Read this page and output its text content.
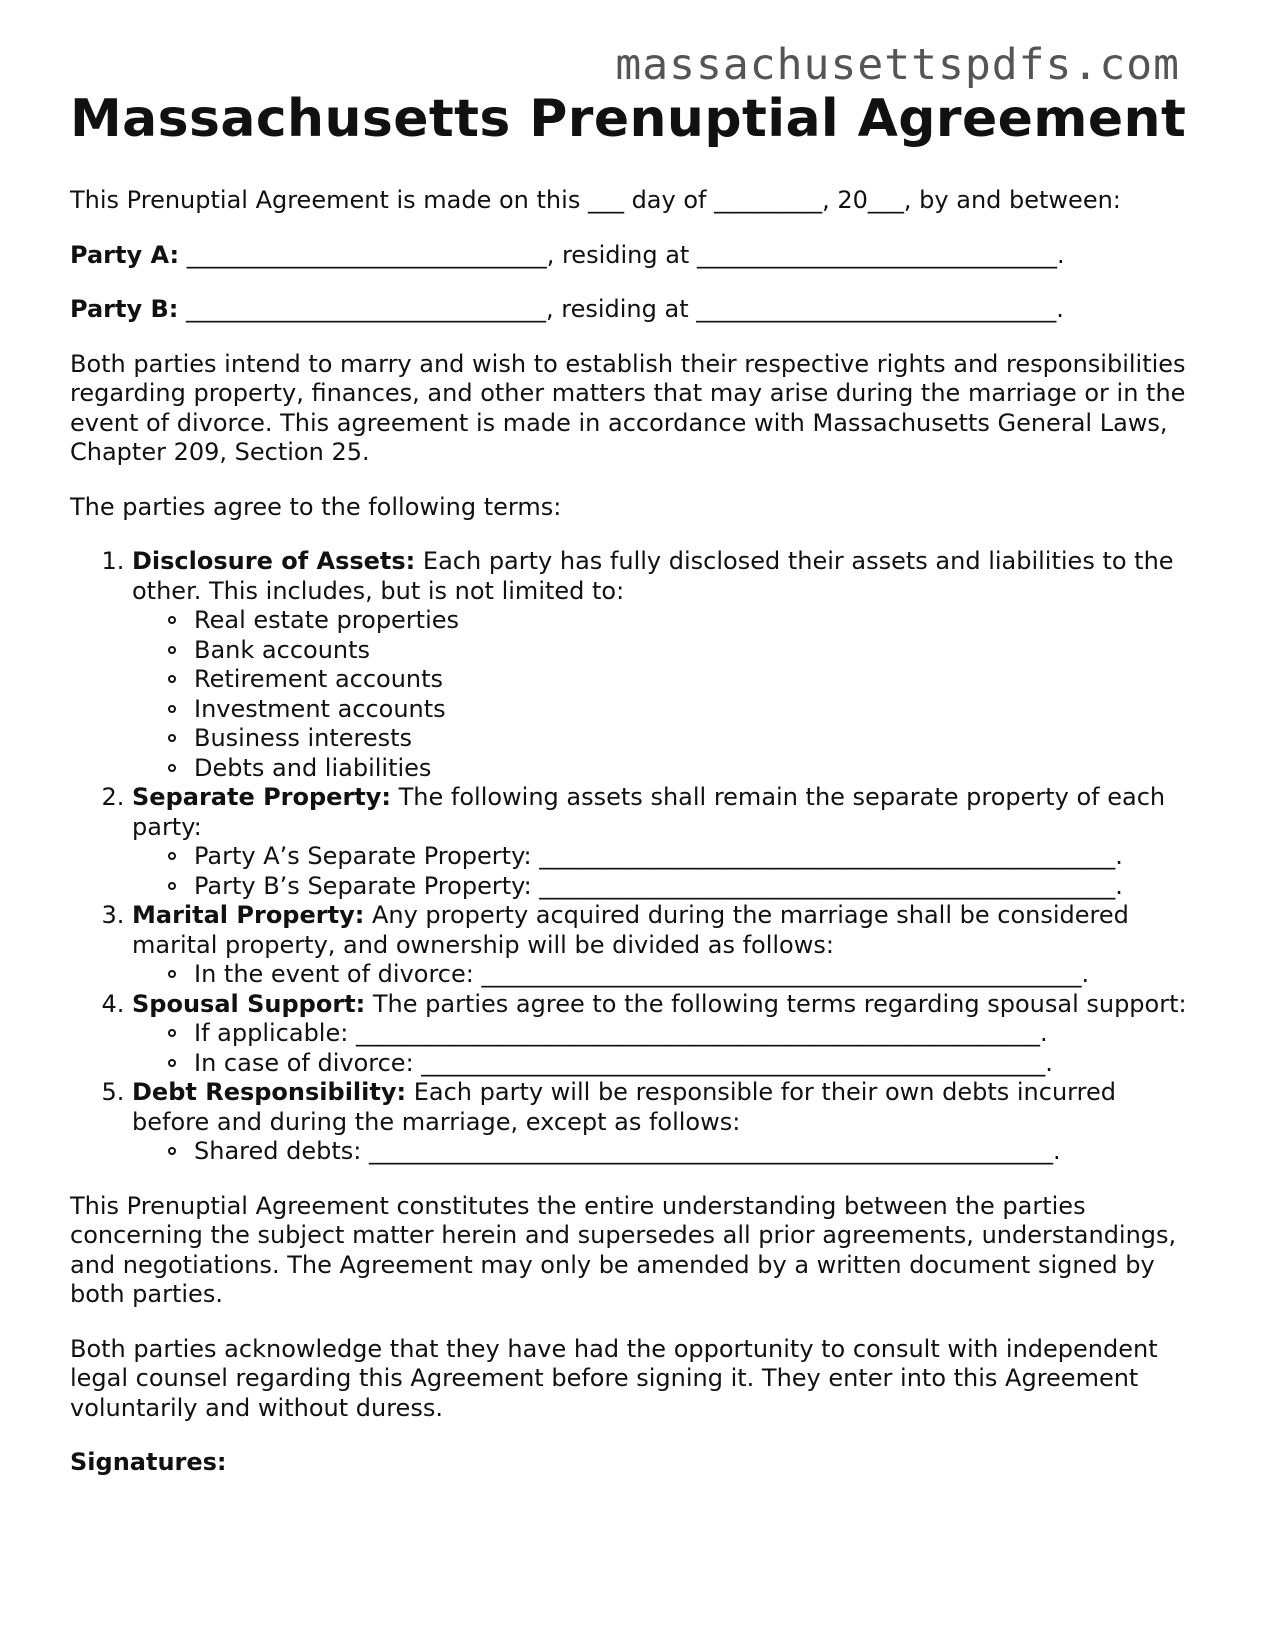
massachusettspdfs.com
Massachusetts Prenuptial Agreement

This Prenuptial Agreement is made on this ___ day of _________, 20___, by and between:

Party A: ______________________________, residing at ______________________________.

Party B: ______________________________, residing at ______________________________.

Both parties intend to marry and wish to establish their respective rights and responsibilities regarding property, finances, and other matters that may arise during the marriage or in the event of divorce. This agreement is made in accordance with Massachusetts General Laws, Chapter 209, Section 25.

The parties agree to the following terms:

1. Disclosure of Assets: Each party has fully disclosed their assets and liabilities to the other. This includes, but is not limited to:
Real estate properties
Bank accounts
Retirement accounts
Investment accounts
Business interests
Debts and liabilities
2. Separate Property: The following assets shall remain the separate property of each party:
Party A’s Separate Property: ________________________________________________.
Party B’s Separate Property: ________________________________________________.
3. Marital Property: Any property acquired during the marriage shall be considered marital property, and ownership will be divided as follows:
In the event of divorce: __________________________________________________.
4. Spousal Support: The parties agree to the following terms regarding spousal support:
If applicable: _________________________________________________________.
In case of divorce: ____________________________________________________.
5. Debt Responsibility: Each party will be responsible for their own debts incurred before and during the marriage, except as follows:
Shared debts: _________________________________________________________.

This Prenuptial Agreement constitutes the entire understanding between the parties concerning the subject matter herein and supersedes all prior agreements, understandings, and negotiations. The Agreement may only be amended by a written document signed by both parties.

Both parties acknowledge that they have had the opportunity to consult with independent legal counsel regarding this Agreement before signing it. They enter into this Agreement voluntarily and without duress.

Signatures:
